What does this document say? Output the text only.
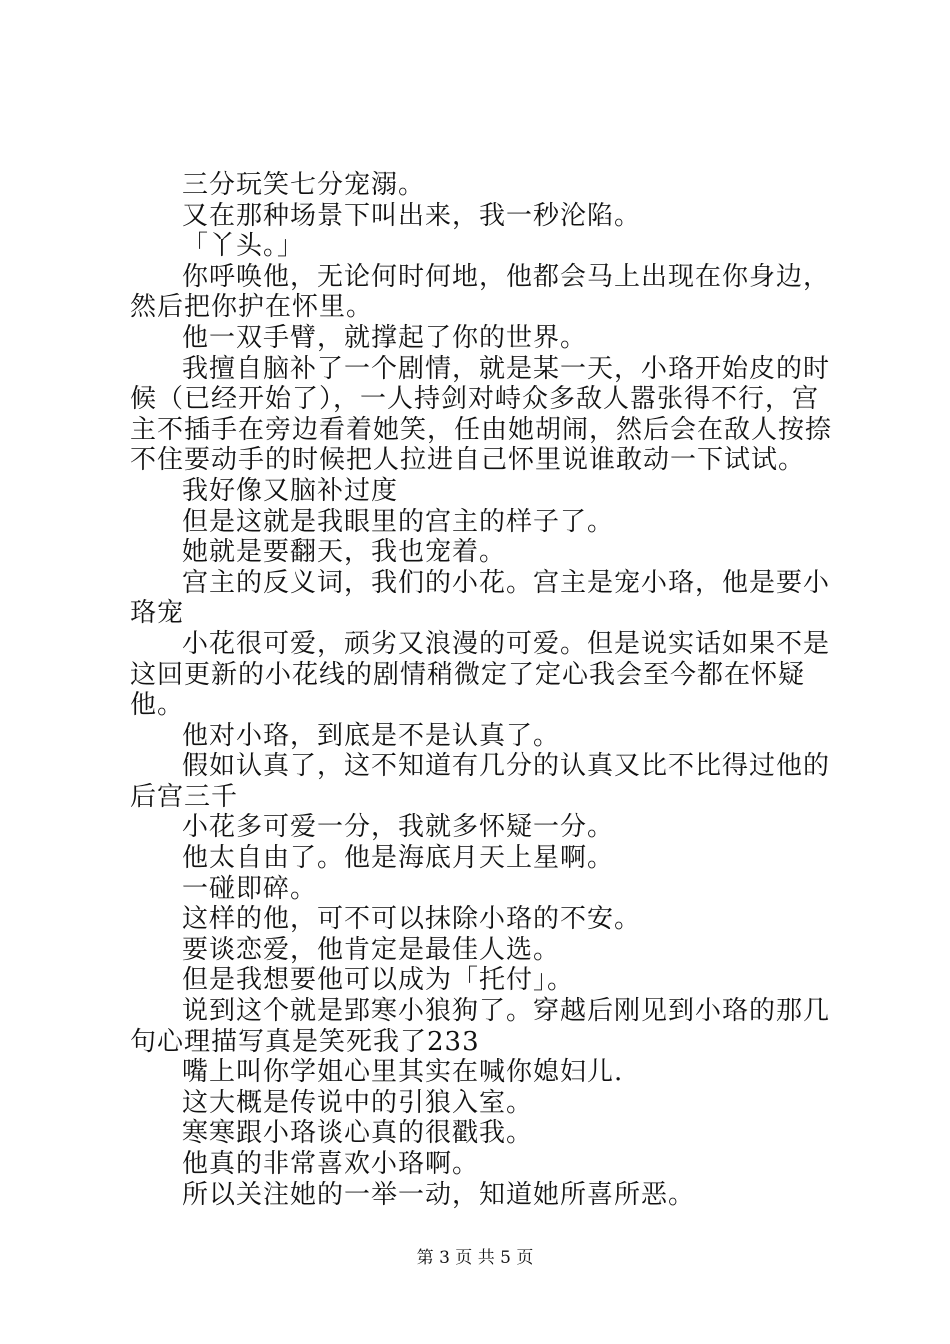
三分玩笑七分宠溺。

又在那种场景下叫出来，我一秒沦陷。

「丫头。」

你呼唤他，无论何时何地，他都会马上出现在你身边，然后把你护在怀里。

他一双手臂，就撑起了你的世界。

我擅自脑补了一个剧情，就是某一天，小珞开始皮的时候（已经开始了），一人持剑对峙众多敌人嚣张得不行，宫主不插手在旁边看着她笑，任由她胡闹，然后会在敌人按捺不住要动手的时候把人拉进自己怀里说谁敢动一下试试。

我好像又脑补过度

但是这就是我眼里的宫主的样子了。

她就是要翻天，我也宠着。

宫主的反义词，我们的小花。宫主是宠小珞，他是要小珞宠

小花很可爱，顽劣又浪漫的可爱。但是说实话如果不是这回更新的小花线的剧情稍微定了定心我会至今都在怀疑他。

他对小珞，到底是不是认真了。

假如认真了，这不知道有几分的认真又比不比得过他的后宫三千

小花多可爱一分，我就多怀疑一分。

他太自由了。他是海底月天上星啊。

一碰即碎。

这样的他，可不可以抹除小珞的不安。

要谈恋爱，他肯定是最佳人选。

但是我想要他可以成为「托付」。

说到这个就是郢寒小狼狗了。穿越后刚见到小珞的那几句心理描写真是笑死我了233

嘴上叫你学姐心里其实在喊你媳妇儿.

这大概是传说中的引狼入室。

寒寒跟小珞谈心真的很戳我。

他真的非常喜欢小珞啊。

所以关注她的一举一动，知道她所喜所恶。

第 3 页 共 5 页
